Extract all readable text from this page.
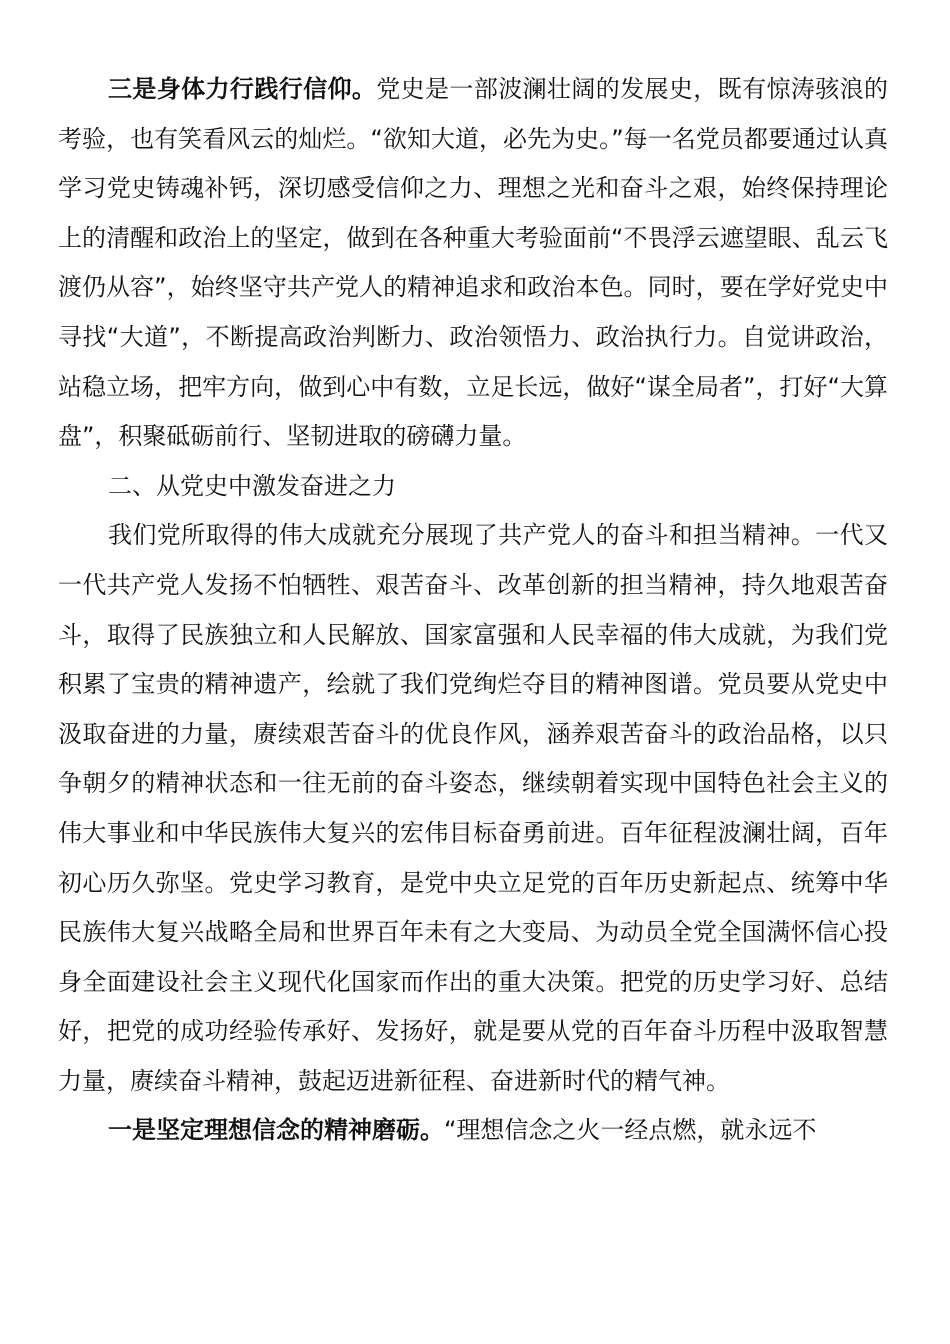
三是身体力行践行信仰。党史是一部波澜壮阔的发展史，既有惊涛骇浪的考验，也有笑看风云的灿烂。“欲知大道，必先为史。”每一名党员都要通过认真学习党史铸魂补钙，深切感受信仰之力、理想之光和奋斗之艰，始终保持理论上的清醒和政治上的坚定，做到在各种重大考验面前“不畏浮云遮望眼、乱云飞渡仍从容”，始终坚守共产党人的精神追求和政治本色。同时，要在学好党史中寻找“大道”，不断提高政治判断力、政治领悟力、政治执行力。自觉讲政治，站稳立场，把牢方向，做到心中有数，立足长远，做好“谋全局者”，打好“大算盘”，积聚砥砺前行、坚韧进取的磅礴力量。

二、从党史中激发奋进之力

我们党所取得的伟大成就充分展现了共产党人的奋斗和担当精神。一代又一代共产党人发扬不怕牺牲、艰苦奋斗、改革创新的担当精神，持久地艰苦奋斗，取得了民族独立和人民解放、国家富强和人民幸福的伟大成就，为我们党积累了宝贵的精神遗产，绘就了我们党绚烂夺目的精神图谱。党员要从党史中汲取奋进的力量，赓续艰苦奋斗的优良作风，涵养艰苦奋斗的政治品格，以只争朝夕的精神状态和一往无前的奋斗姿态，继续朝着实现中国特色社会主义的伟大事业和中华民族伟大复兴的宏伟目标奋勇前进。百年征程波澜壮阔，百年初心历久弥坚。党史学习教育，是党中央立足党的百年历史新起点、统筹中华民族伟大复兴战略全局和世界百年未有之大变局、为动员全党全国满怀信心投身全面建设社会主义现代化国家而作出的重大决策。把党的历史学习好、总结好，把党的成功经验传承好、发扬好，就是要从党的百年奋斗历程中汲取智慧力量，赓续奋斗精神，鼓起迈进新征程、奋进新时代的精气神。

一是坚定理想信念的精神磨砺。“理想信念之火一经点燃，就永远不
